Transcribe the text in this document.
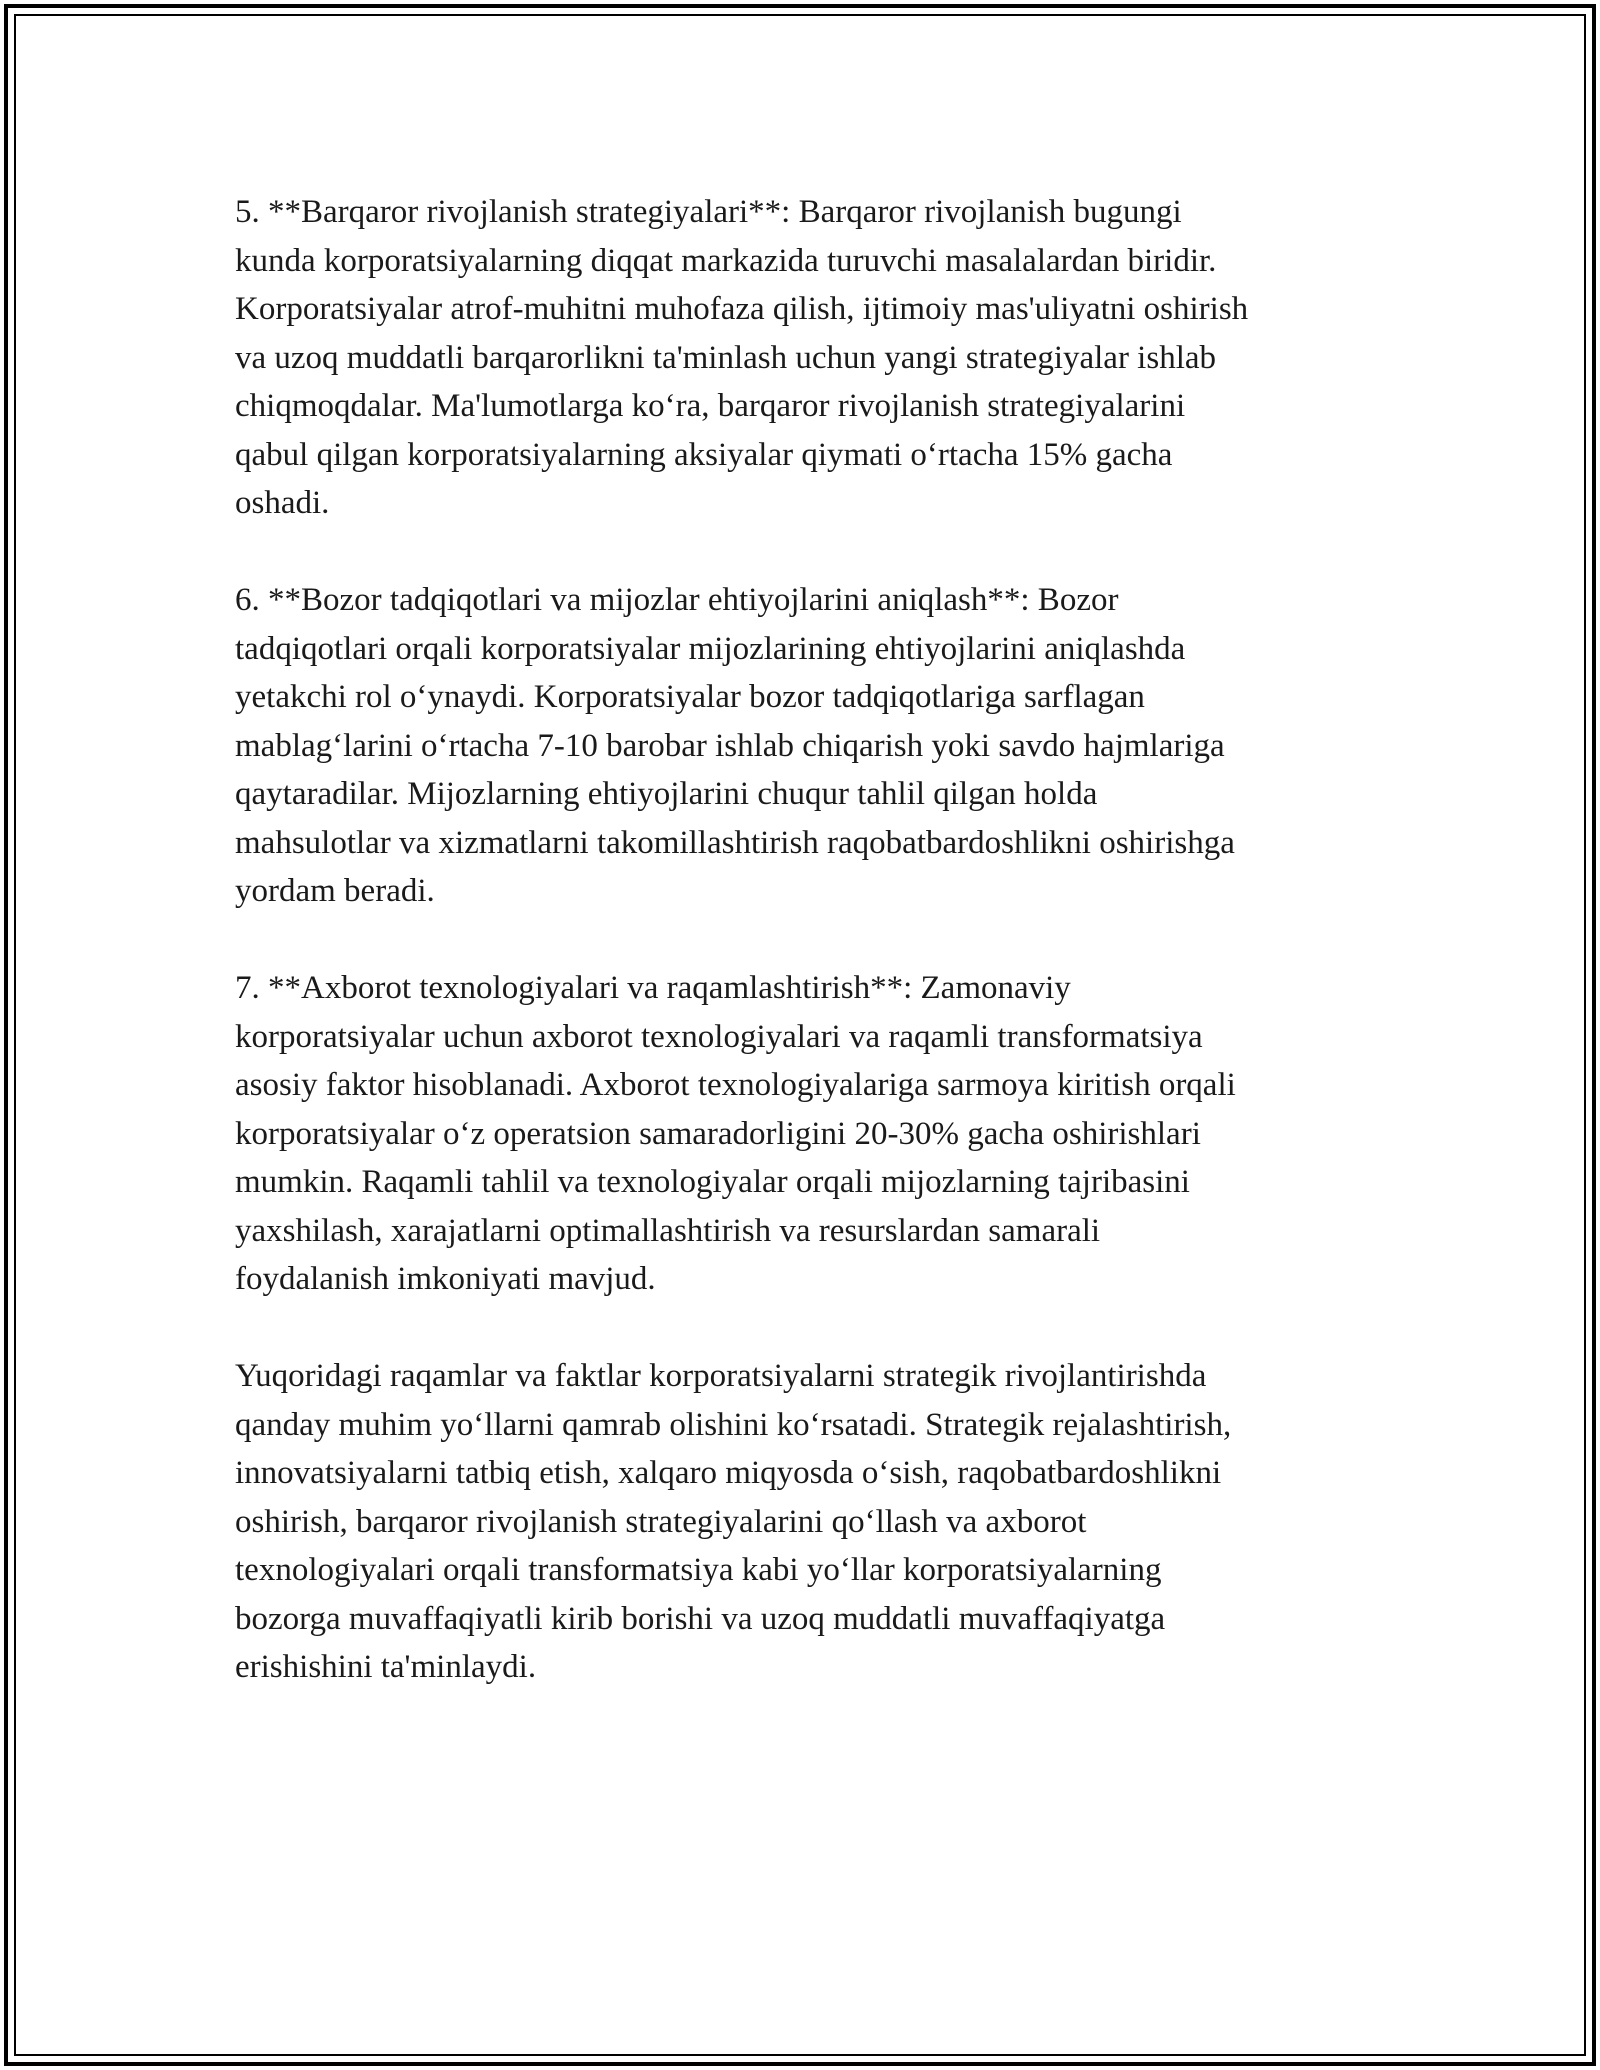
5. **Barqaror rivojlanish strategiyalari**: Barqaror rivojlanish bugungi
kunda korporatsiyalarning diqqat markazida turuvchi masalalardan biridir.
Korporatsiyalar atrof-muhitni muhofaza qilish, ijtimoiy mas'uliyatni oshirish
va uzoq muddatli barqarorlikni ta'minlash uchun yangi strategiyalar ishlab
chiqmoqdalar. Ma'lumotlarga ko‘ra, barqaror rivojlanish strategiyalarini
qabul qilgan korporatsiyalarning aksiyalar qiymati o‘rtacha 15% gacha
oshadi.

6. **Bozor tadqiqotlari va mijozlar ehtiyojlarini aniqlash**: Bozor
tadqiqotlari orqali korporatsiyalar mijozlarining ehtiyojlarini aniqlashda
yetakchi rol o‘ynaydi. Korporatsiyalar bozor tadqiqotlariga sarflagan
mablag‘larini o‘rtacha 7-10 barobar ishlab chiqarish yoki savdo hajmlariga
qaytaradilar. Mijozlarning ehtiyojlarini chuqur tahlil qilgan holda
mahsulotlar va xizmatlarni takomillashtirish raqobatbardoshlikni oshirishga
yordam beradi.

7. **Axborot texnologiyalari va raqamlashtirish**: Zamonaviy
korporatsiyalar uchun axborot texnologiyalari va raqamli transformatsiya
asosiy faktor hisoblanadi. Axborot texnologiyalariga sarmoya kiritish orqali
korporatsiyalar o‘z operatsion samaradorligini 20-30% gacha oshirishlari
mumkin. Raqamli tahlil va texnologiyalar orqali mijozlarning tajribasini
yaxshilash, xarajatlarni optimallashtirish va resurslardan samarali
foydalanish imkoniyati mavjud.

Yuqoridagi raqamlar va faktlar korporatsiyalarni strategik rivojlantirishda
qanday muhim yo‘llarni qamrab olishini ko‘rsatadi. Strategik rejalashtirish,
innovatsiyalarni tatbiq etish, xalqaro miqyosda o‘sish, raqobatbardoshlikni
oshirish, barqaror rivojlanish strategiyalarini qo‘llash va axborot
texnologiyalari orqali transformatsiya kabi yo‘llar korporatsiyalarning
bozorga muvaffaqiyatli kirib borishi va uzoq muddatli muvaffaqiyatga
erishishini ta'minlaydi.
